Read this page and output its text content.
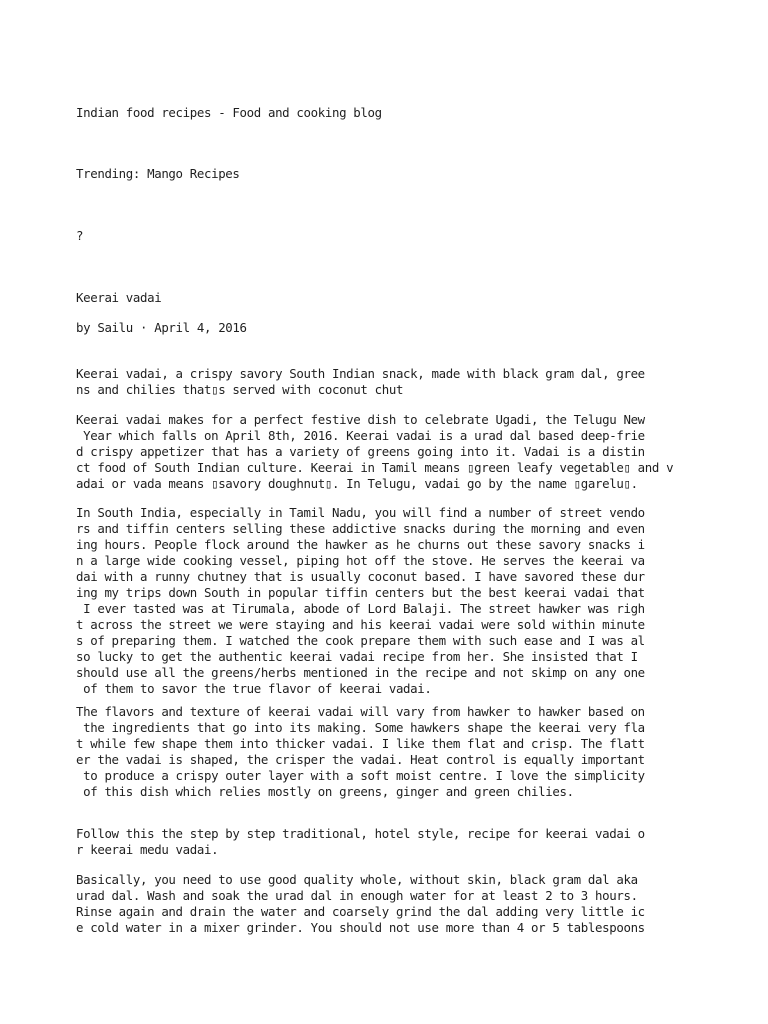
Indian food recipes - Food and cooking blog
Trending: Mango Recipes
?
Keerai vadai
by Sailu · April 4, 2016
Keerai vadai, a crispy savory South Indian snack, made with black gram dal, gree
ns and chilies that▯s served with coconut chut
Keerai vadai makes for a perfect festive dish to celebrate Ugadi, the Telugu New
Year which falls on April 8th, 2016. Keerai vadai is a urad dal based deep-frie
d crispy appetizer that has a variety of greens going into it. Vadai is a distin
ct food of South Indian culture. Keerai in Tamil means ▯green leafy vegetable▯ and v
adai or vada means ▯savory doughnut▯. In Telugu, vadai go by the name ▯garelu▯.
In South India, especially in Tamil Nadu, you will find a number of street vendo
rs and tiffin centers selling these addictive snacks during the morning and even
ing hours. People flock around the hawker as he churns out these savory snacks i
n a large wide cooking vessel, piping hot off the stove. He serves the keerai va
dai with a runny chutney that is usually coconut based. I have savored these dur
ing my trips down South in popular tiffin centers but the best keerai vadai that
I ever tasted was at Tirumala, abode of Lord Balaji. The street hawker was righ
t across the street we were staying and his keerai vadai were sold within minute
s of preparing them. I watched the cook prepare them with such ease and I was al
so lucky to get the authentic keerai vadai recipe from her. She insisted that I
should use all the greens/herbs mentioned in the recipe and not skimp on any one
of them to savor the true flavor of keerai vadai.
The flavors and texture of keerai vadai will vary from hawker to hawker based on
the ingredients that go into its making. Some hawkers shape the keerai very fla
t while few shape them into thicker vadai. I like them flat and crisp. The flatt
er the vadai is shaped, the crisper the vadai. Heat control is equally important
to produce a crispy outer layer with a soft moist centre. I love the simplicity
of this dish which relies mostly on greens, ginger and green chilies.
Follow this the step by step traditional, hotel style, recipe for keerai vadai o
r keerai medu vadai.
Basically, you need to use good quality whole, without skin, black gram dal aka
urad dal. Wash and soak the urad dal in enough water for at least 2 to 3 hours.
Rinse again and drain the water and coarsely grind the dal adding very little ic
e cold water in a mixer grinder. You should not use more than 4 or 5 tablespoons
